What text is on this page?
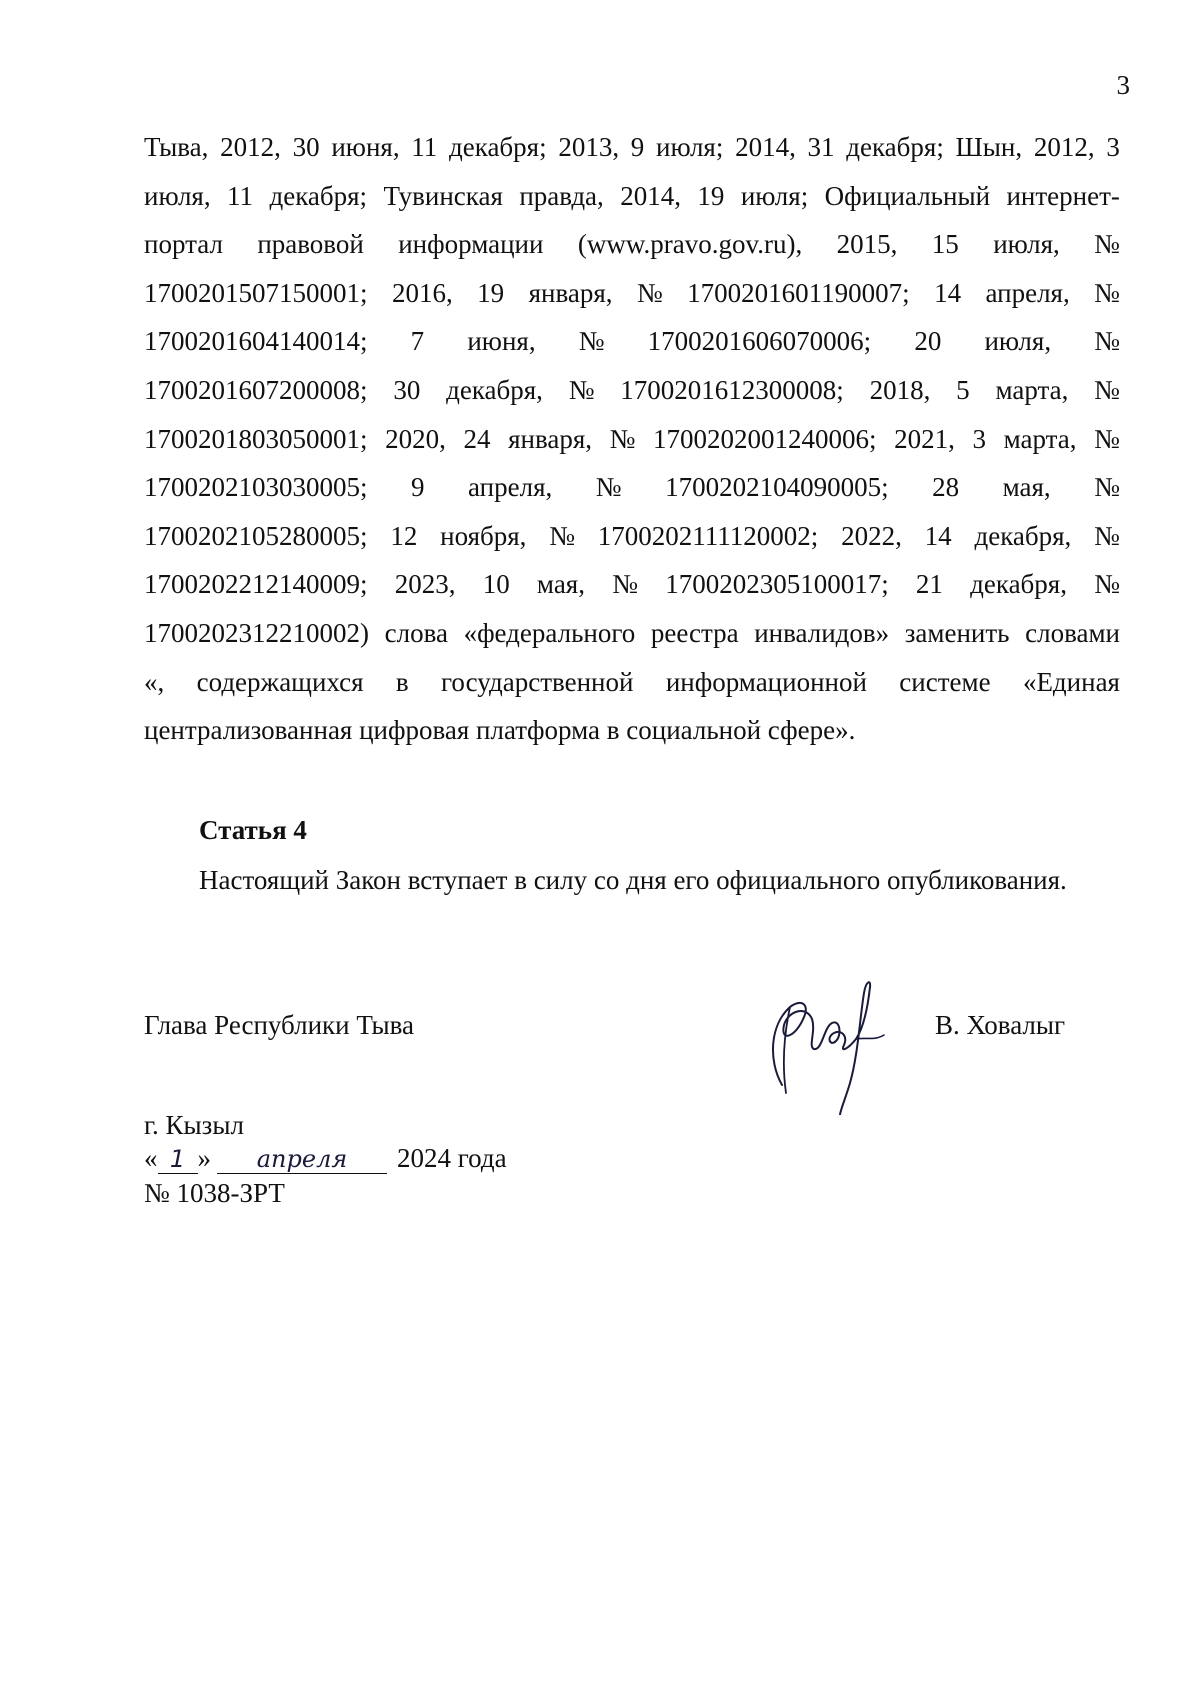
3
Тыва, 2012, 30 июня, 11 декабря; 2013, 9 июля; 2014, 31 декабря; Шын, 2012, 3
июля, 11 декабря; Тувинская правда, 2014, 19 июля; Официальный интернет-
портал правовой информации (www.pravo.gov.ru), 2015, 15 июля, №
1700201507150001; 2016, 19 января, № 1700201601190007; 14 апреля, №
1700201604140014; 7 июня, № 1700201606070006; 20 июля, №
1700201607200008; 30 декабря, № 1700201612300008; 2018, 5 марта, №
1700201803050001; 2020, 24 января, № 1700202001240006; 2021, 3 марта, №
1700202103030005; 9 апреля, № 1700202104090005; 28 мая, №
1700202105280005; 12 ноября, № 1700202111120002; 2022, 14 декабря, №
1700202212140009; 2023, 10 мая, № 1700202305100017; 21 декабря, №
1700202312210002) слова «федерального реестра инвалидов» заменить словами
«, содержащихся в государственной информационной системе «Единая
централизованная цифровая платформа в социальной сфере».
Статья 4
Настоящий Закон вступает в силу со дня его официального опубликования.
Глава Республики Тыва	В. Ховалыг
г. Кызыл
« 1 » апреля 2024 года
№ 1038-ЗРТ
